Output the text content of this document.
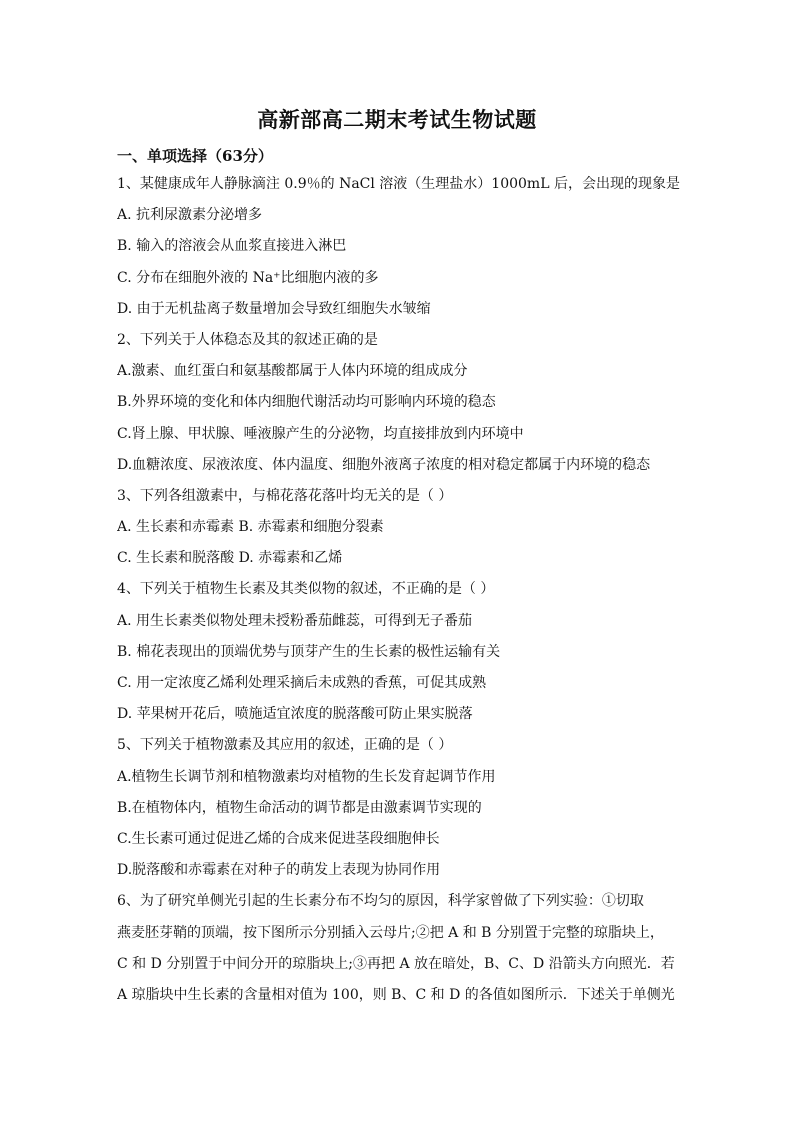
高新部高二期末考试生物试题
一、单项选择（63分）
1、某健康成年人静脉滴注 0.9％的 NaCl 溶液（生理盐水）1000mL 后，会出现的现象是
A. 抗利尿激素分泌增多
B. 输入的溶液会从血浆直接进入淋巴
C. 分布在细胞外液的 Na⁺比细胞内液的多
D. 由于无机盐离子数量增加会导致红细胞失水皱缩
2、下列关于人体稳态及其的叙述正确的是
A.激素、血红蛋白和氨基酸都属于人体内环境的组成成分
B.外界环境的变化和体内细胞代谢活动均可影响内环境的稳态
C.肾上腺、甲状腺、唾液腺产生的分泌物，均直接排放到内环境中
D.血糖浓度、尿液浓度、体内温度、细胞外液离子浓度的相对稳定都属于内环境的稳态
3、下列各组激素中，与棉花落花落叶均无关的是（ ）
A. 生长素和赤霉素 B. 赤霉素和细胞分裂素
C. 生长素和脱落酸 D. 赤霉素和乙烯
4、下列关于植物生长素及其类似物的叙述，不正确的是（ ）
A. 用生长素类似物处理未授粉番茄雌蕊，可得到无子番茄
B. 棉花表现出的顶端优势与顶芽产生的生长素的极性运输有关
C. 用一定浓度乙烯利处理采摘后未成熟的香蕉，可促其成熟
D. 苹果树开花后，喷施适宜浓度的脱落酸可防止果实脱落
5、下列关于植物激素及其应用的叙述，正确的是（ ）
A.植物生长调节剂和植物激素均对植物的生长发育起调节作用
B.在植物体内，植物生命活动的调节都是由激素调节实现的
C.生长素可通过促进乙烯的合成来促进茎段细胞伸长
D.脱落酸和赤霉素在对种子的萌发上表现为协同作用
6、为了研究单侧光引起的生长素分布不均匀的原因，科学家曾做了下列实验：①切取
燕麦胚芽鞘的顶端，按下图所示分别插入云母片;②把 A 和 B 分别置于完整的琼脂块上，
C 和 D 分别置于中间分开的琼脂块上;③再把 A 放在暗处，B、C、D 沿箭头方向照光．若
A 琼脂块中生长素的含量相对值为 100，则 B、C 和 D 的各值如图所示．下述关于单侧光
